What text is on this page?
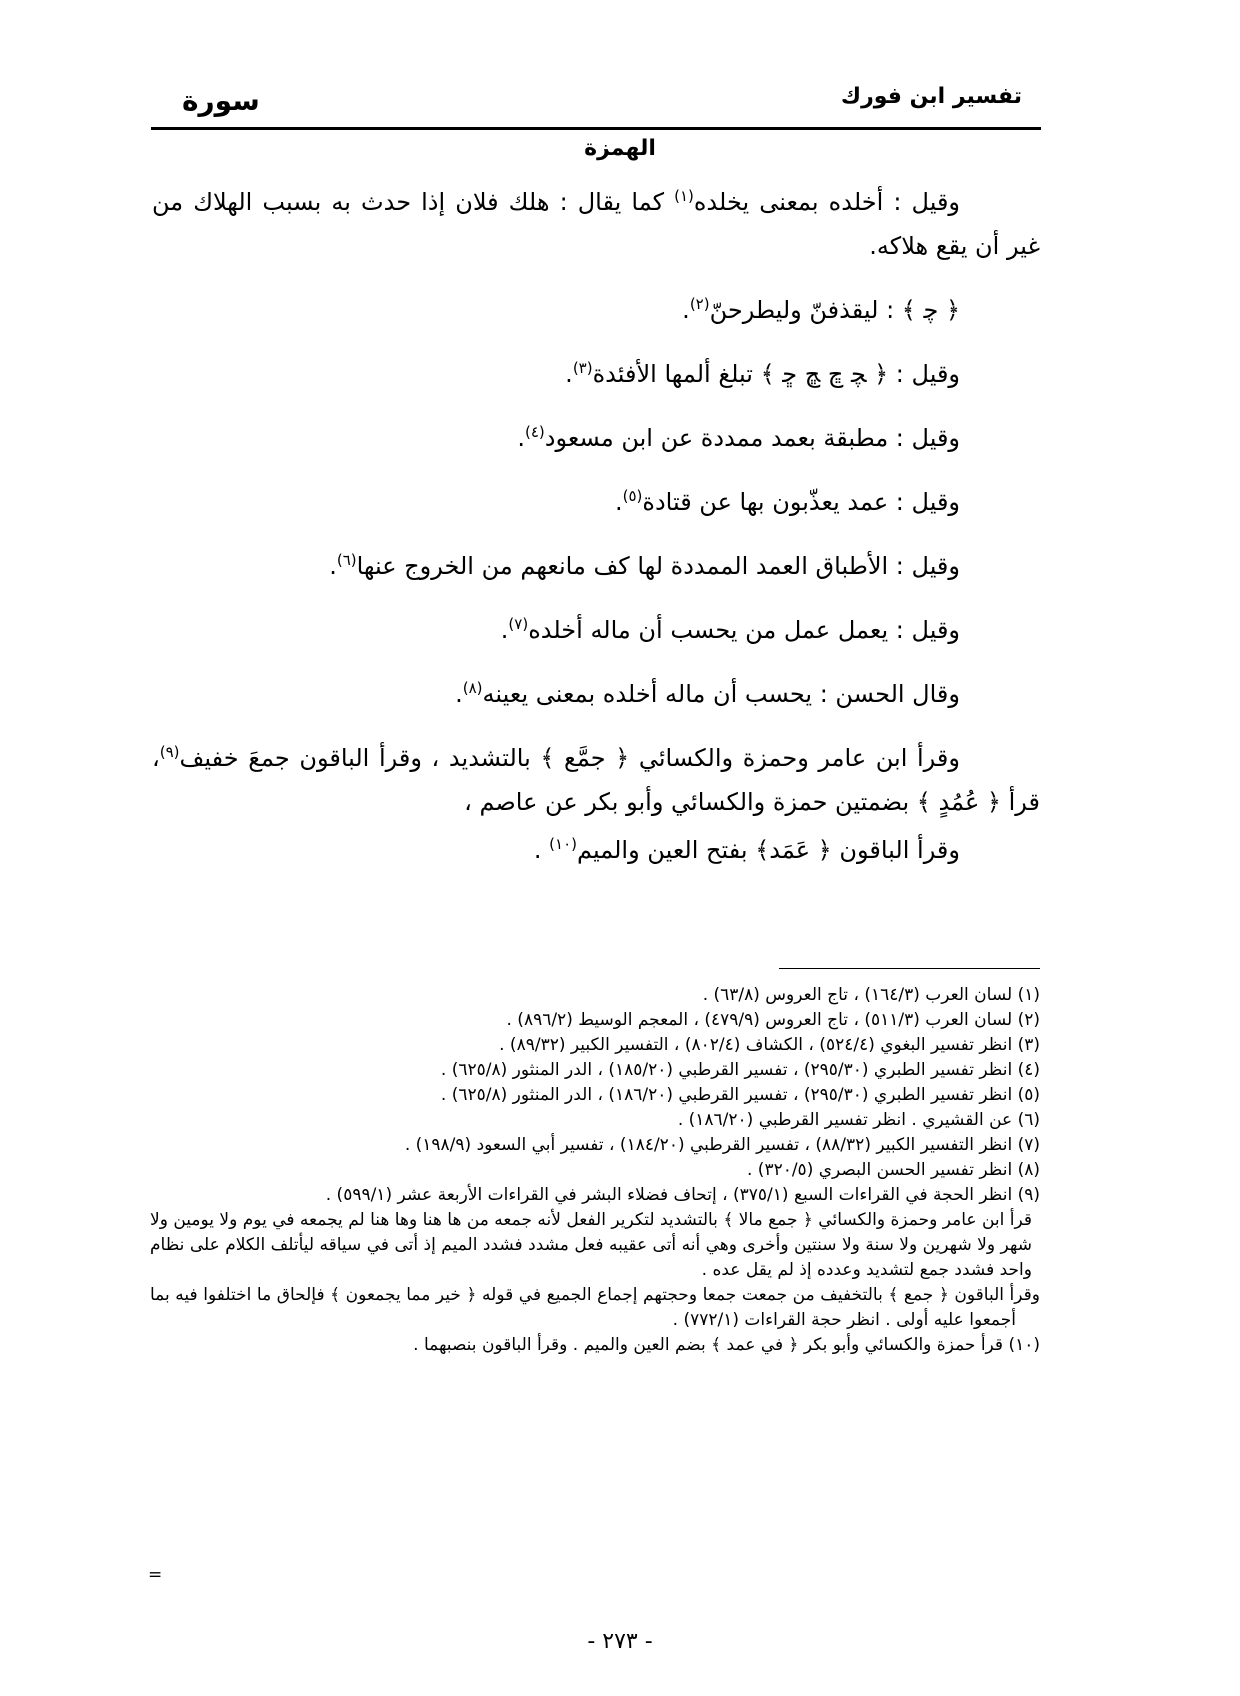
تفسير ابن فورك
سورة
الهمزة

وقيل : أخلده بمعنى يخلده$^{(١)}$ كما يقال : هلك فلان إذا حدث به بسبب الهلاك من غير أن يقع هلاكه.

﴿ ﭼ ﴾ : ليقذفنّ وليطرحنّ$^{(٢)}$.

وقيل : ﴿ ﭽ ﭾ ﭿ ﮀ ﴾ تبلغ ألمها الأفئدة$^{(٣)}$.

وقيل : مطبقة بعمد ممددة عن ابن مسعود$^{(٤)}$.

وقيل : عمد يعذّبون بها عن قتادة$^{(٥)}$.

وقيل : الأطباق العمد الممددة لها كف مانعهم من الخروج عنها$^{(٦)}$.

وقيل : يعمل عمل من يحسب أن ماله أخلده$^{(٧)}$.

وقال الحسن : يحسب أن ماله أخلده بمعنى يعينه$^{(٨)}$.

وقرأ ابن عامر وحمزة والكسائي ﴿ جمَّع ﴾ بالتشديد ، وقرأ الباقون جمعَ خفيف$^{(٩)}$، قرأ ﴿ عُمُدٍ ﴾ بضمتين حمزة والكسائي وأبو بكر عن عاصم ،

وقرأ الباقون ﴿ عَمَد﴾ بفتح العين والميم$^{(١٠)}$ .

(١) لسان العرب (١٦٤/٣) ، تاج العروس (٦٣/٨) .

(٢) لسان العرب (٥١١/٣) ، تاج العروس (٤٧٩/٩) ، المعجم الوسيط (٨٩٦/٢) .

(٣) انظر تفسير البغوي (٥٢٤/٤) ، الكشاف (٨٠٢/٤) ، التفسير الكبير (٨٩/٣٢) .

(٤) انظر تفسير الطبري (٢٩٥/٣٠) ، تفسير القرطبي (١٨٥/٢٠) ، الدر المنثور (٦٢٥/٨) .

(٥) انظر تفسير الطبري (٢٩٥/٣٠) ، تفسير القرطبي (١٨٦/٢٠) ، الدر المنثور (٦٢٥/٨) .

(٦) عن القشيري . انظر تفسير القرطبي (١٨٦/٢٠) .

(٧) انظر التفسير الكبير (٨٨/٣٢) ، تفسير القرطبي (١٨٤/٢٠) ، تفسير أبي السعود (١٩٨/٩) .

(٨) انظر تفسير الحسن البصري (٣٢٠/٥) .

(٩) انظر الحجة في القراءات السبع (٣٧٥/١) ، إتحاف فضلاء البشر في القراءات الأربعة عشر (٥٩٩/١) .

قرأ ابن عامر وحمزة والكسائي ﴿ جمع مالا ﴾ بالتشديد لتكرير الفعل لأنه جمعه من ها هنا وها هنا لم يجمعه في يوم ولا يومين ولا شهر ولا شهرين ولا سنة ولا سنتين وأخرى وهي أنه أتى عقيبه فعل مشدد فشدد الميم إذ أتى في سياقه ليأتلف الكلام على نظام واحد فشدد جمع لتشديد وعدده إذ لم يقل عده .

وقرأ الباقون ﴿ جمع ﴾ بالتخفيف من جمعت جمعا وحجتهم إجماع الجميع في قوله ﴿ خير مما يجمعون ﴾ فإلحاق ما اختلفوا فيه بما أجمعوا عليه أولى . انظر حجة القراءات (٧٧٢/١) .

(١٠) قرأ حمزة والكسائي وأبو بكر ﴿ في عمد ﴾ بضم العين والميم . وقرأ الباقون بنصبهما .

=
- ٢٧٣ -
